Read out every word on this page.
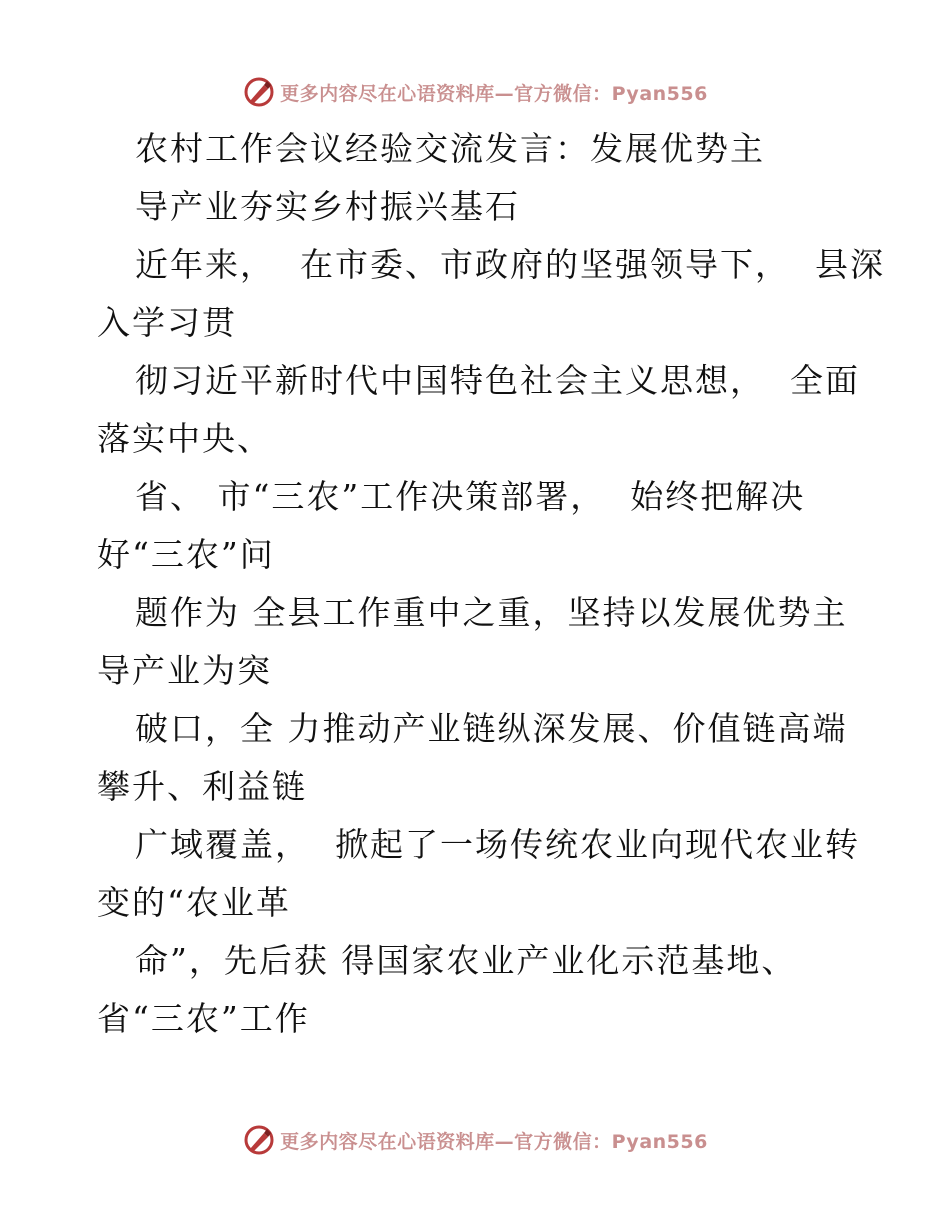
更多内容尽在心语资料库—官方微信：Pyan556
农村工作会议经验交流发言：发展优势主
导产业夯实乡村振兴基石
近年来，  在市委、市政府的坚强领导下，  县深
入学习贯
彻习近平新时代中国特色社会主义思想，  全面
落实中央、
省、 市“三农”工作决策部署，  始终把解决
好“三农”问
题作为 全县工作重中之重，坚持以发展优势主
导产业为突
破口，全 力推动产业链纵深发展、价值链高端
攀升、利益链
广域覆盖，  掀起了一场传统农业向现代农业转
变的“农业革
命”，先后获 得国家农业产业化示范基地、
省“三农”工作
更多内容尽在心语资料库—官方微信：Pyan556
